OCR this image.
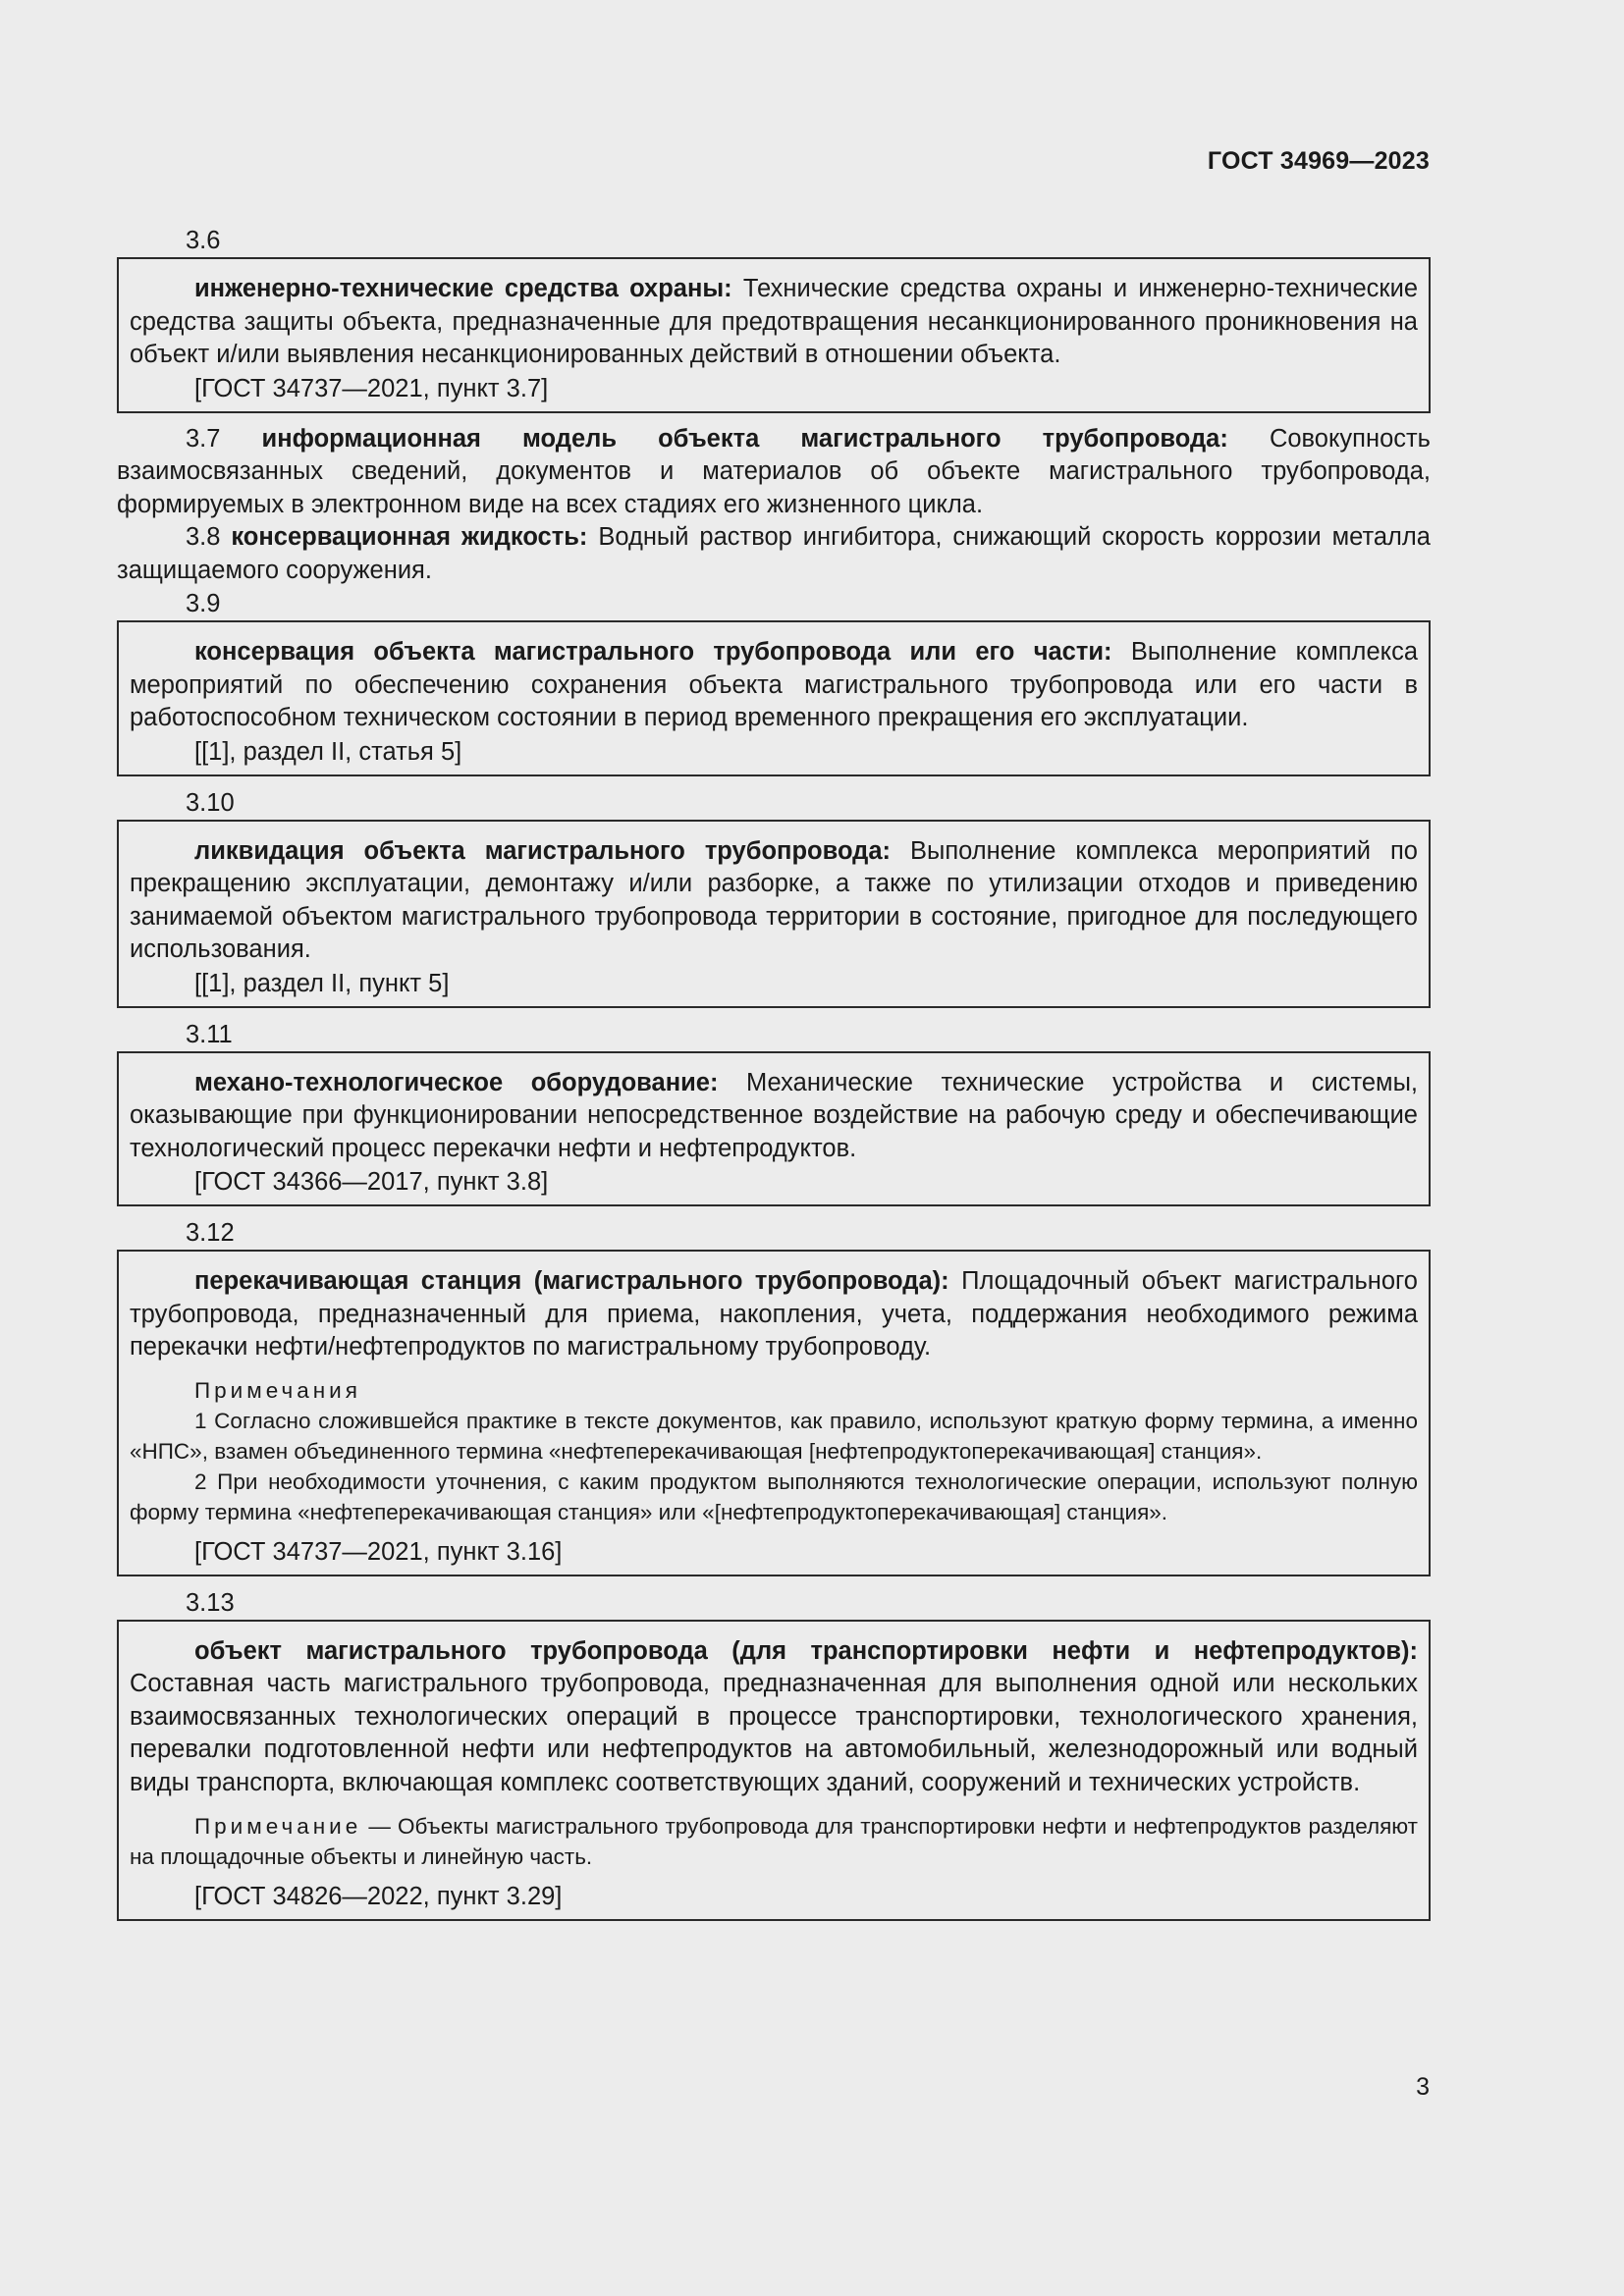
ГОСТ 34969—2023
3.6

инженерно-технические средства охраны: Технические средства охраны и инженерно-технические средства защиты объекта, предназначенные для предотвращения несанкционированного проникновения на объект и/или выявления несанкционированных действий в отношении объекта.

[ГОСТ 34737—2021, пункт 3.7]

3.7 информационная модель объекта магистрального трубопровода: Совокупность взаимосвязанных сведений, документов и материалов об объекте магистрального трубопровода, формируемых в электронном виде на всех стадиях его жизненного цикла.

3.8 консервационная жидкость: Водный раствор ингибитора, снижающий скорость коррозии металла защищаемого сооружения.

3.9

консервация объекта магистрального трубопровода или его части: Выполнение комплекса мероприятий по обеспечению сохранения объекта магистрального трубопровода или его части в работоспособном техническом состоянии в период временного прекращения его эксплуатации.

[[1], раздел II, статья 5]

3.10

ликвидация объекта магистрального трубопровода: Выполнение комплекса мероприятий по прекращению эксплуатации, демонтажу и/или разборке, а также по утилизации отходов и приведению занимаемой объектом магистрального трубопровода территории в состояние, пригодное для последующего использования.

[[1], раздел II, пункт 5]

3.11

механо-технологическое оборудование: Механические технические устройства и системы, оказывающие при функционировании непосредственное воздействие на рабочую среду и обеспечивающие технологический процесс перекачки нефти и нефтепродуктов.

[ГОСТ 34366—2017, пункт 3.8]

3.12

перекачивающая станция (магистрального трубопровода): Площадочный объект магистрального трубопровода, предназначенный для приема, накопления, учета, поддержания необходимого режима перекачки нефти/нефтепродуктов по магистральному трубопроводу.

Примечания

1 Согласно сложившейся практике в тексте документов, как правило, используют краткую форму термина, а именно «НПС», взамен объединенного термина «нефтеперекачивающая [нефтепродуктоперекачивающая] станция».

2 При необходимости уточнения, с каким продуктом выполняются технологические операции, используют полную форму термина «нефтеперекачивающая станция» или «[нефтепродуктоперекачивающая] станция».

[ГОСТ 34737—2021, пункт 3.16]

3.13

объект магистрального трубопровода (для транспортировки нефти и нефтепродуктов): Составная часть магистрального трубопровода, предназначенная для выполнения одной или нескольких взаимосвязанных технологических операций в процессе транспортировки, технологического хранения, перевалки подготовленной нефти или нефтепродуктов на автомобильный, железнодорожный или водный виды транспорта, включающая комплекс соответствующих зданий, сооружений и технических устройств.

Примечание — Объекты магистрального трубопровода для транспортировки нефти и нефтепродуктов разделяют на площадочные объекты и линейную часть.

[ГОСТ 34826—2022, пункт 3.29]

3
